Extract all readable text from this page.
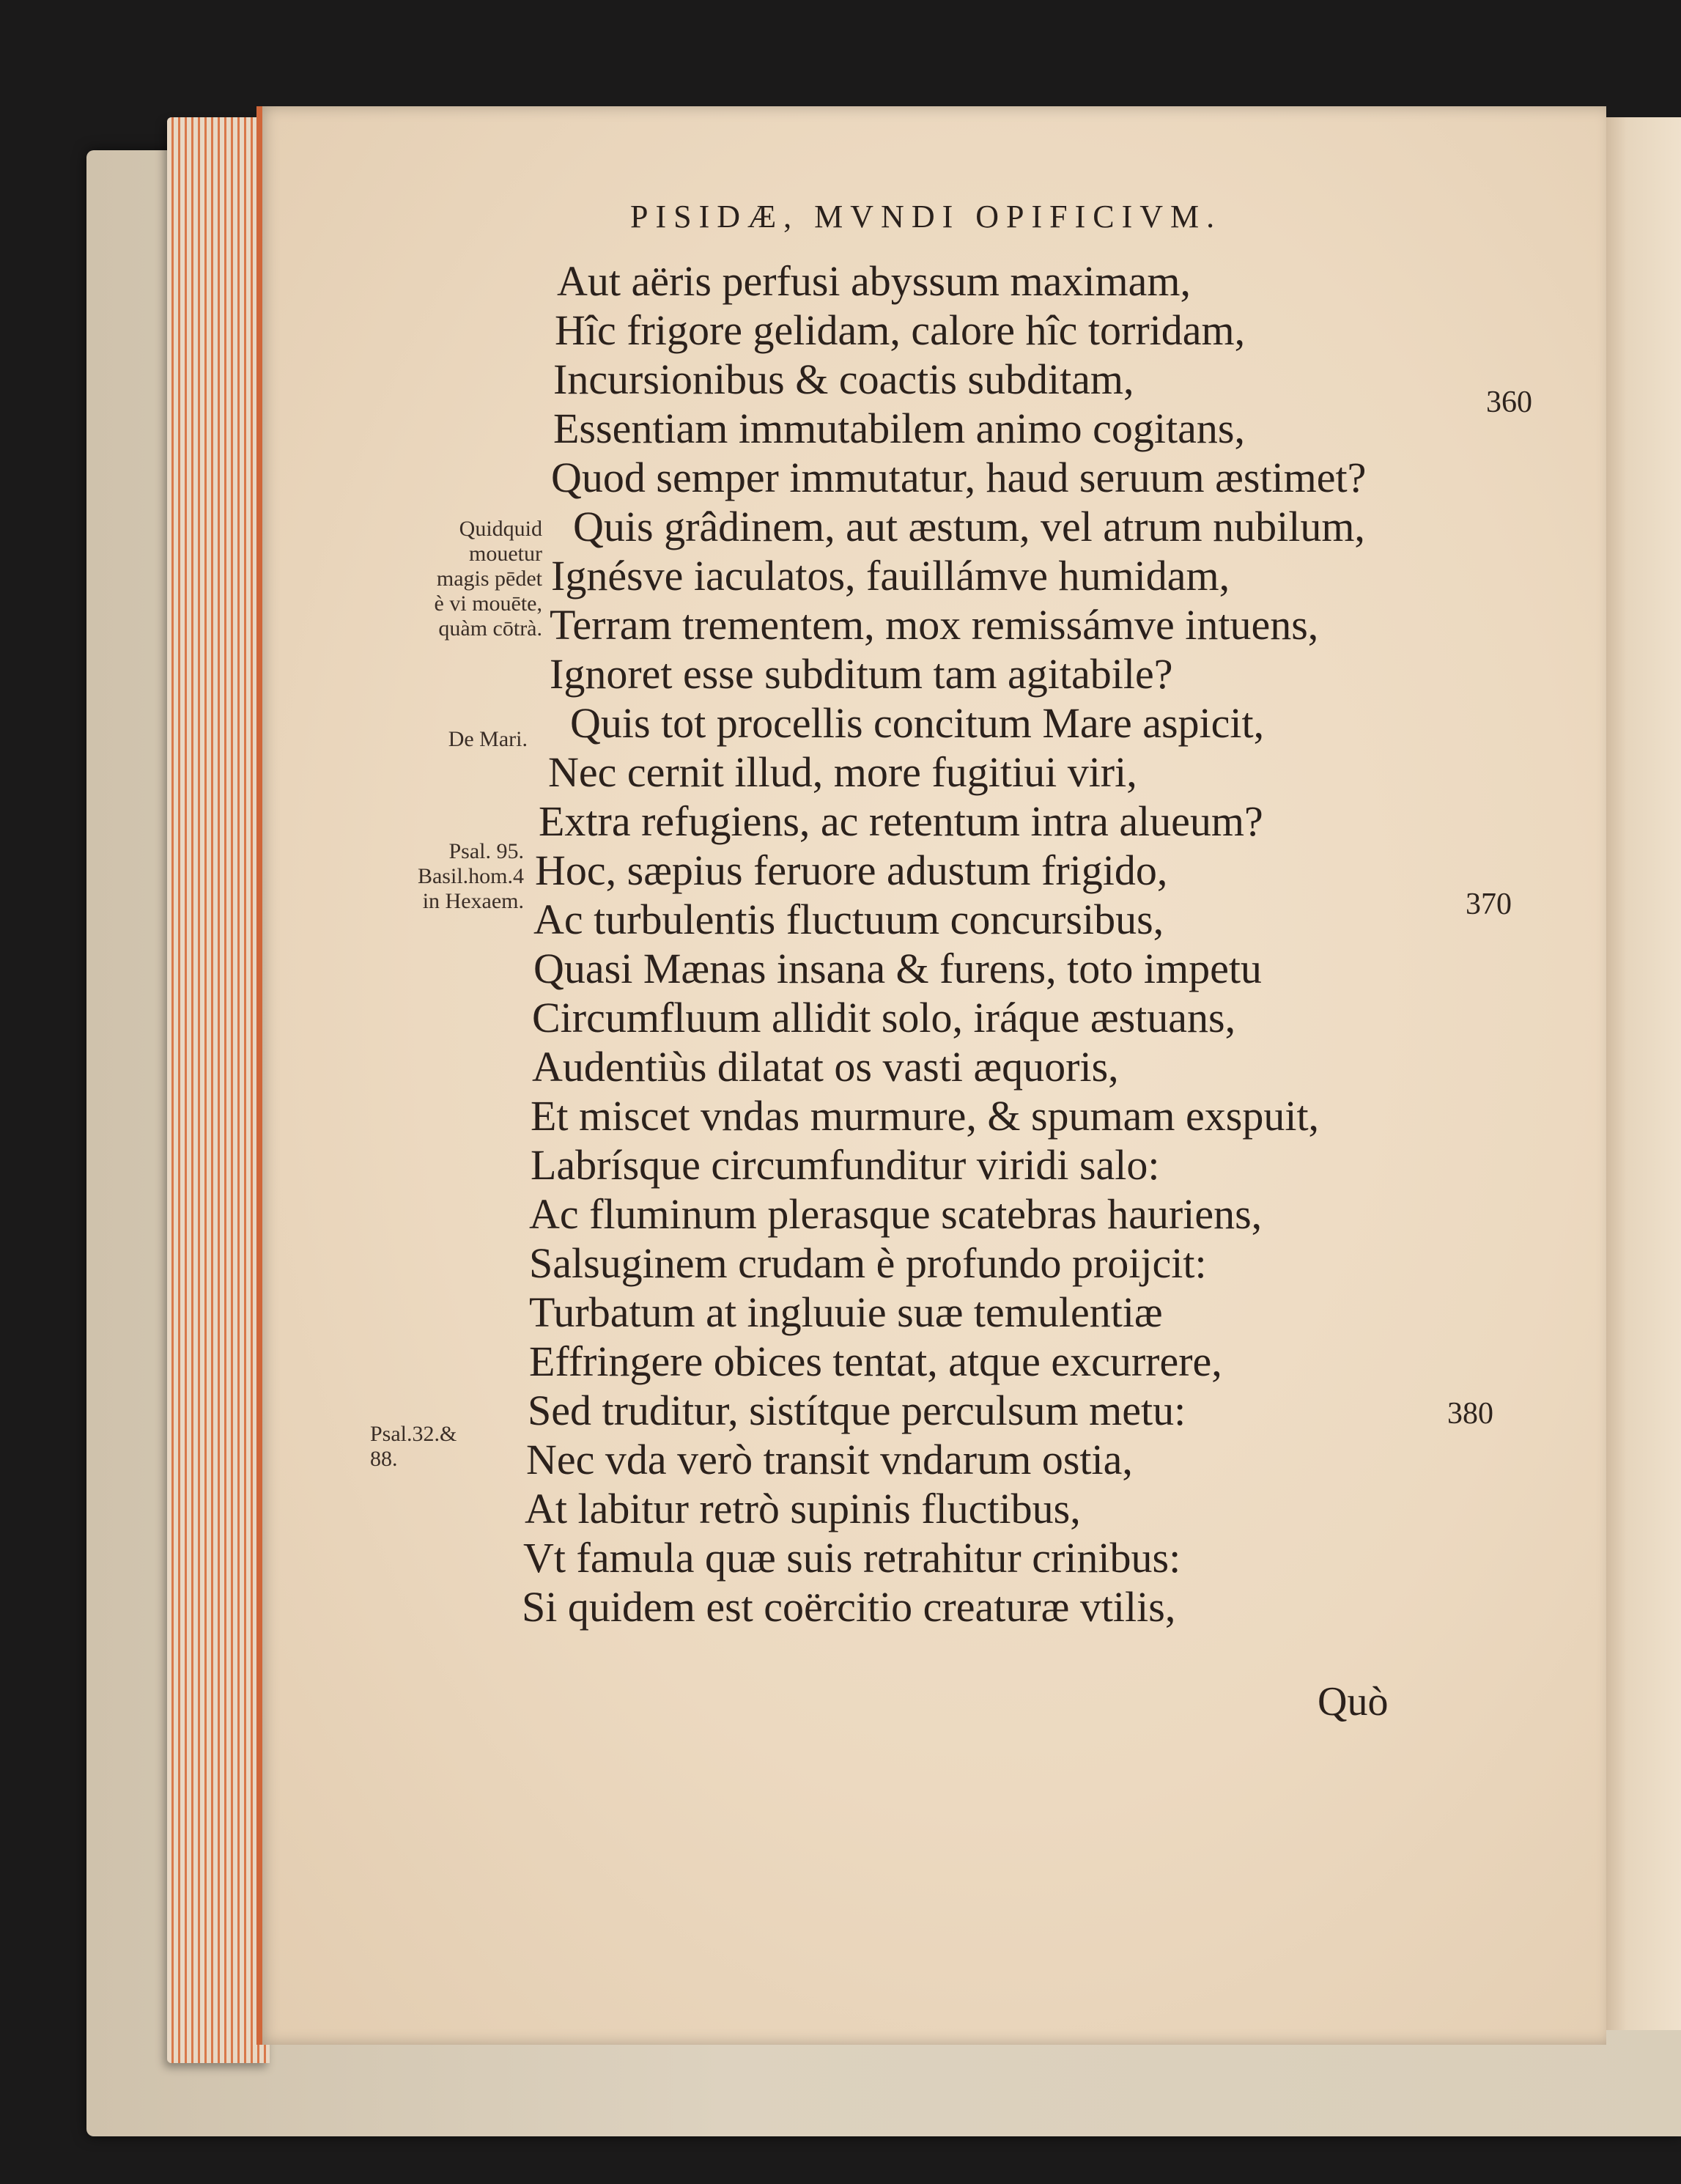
PISIDÆ, MVNDI OPIFICIVM.
Aut aëris perfusi abyssum maximam,
Hîc frigore gelidam, calore hîc torridam,
Incursionibus & coactis subditam,
Essentiam immutabilem animo cogitans,
Quod semper immutatur, haud seruum æstimet?
Quis grâdinem, aut æstum, vel atrum nubilum,
Ignésve iaculatos, fauillámve humidam,
Terram trementem, mox remissámve intuens,
Ignoret esse subditum tam agitabile?
Quis tot procellis concitum Mare aspicit,
Nec cernit illud, more fugitiui viri,
Extra refugiens, ac retentum intra alueum?
Hoc, sæpius feruore adustum frigido,
Ac turbulentis fluctuum concursibus,
Quasi Mænas insana & furens, toto impetu
Circumfluum allidit solo, iráque æstuans,
Audentiùs dilatat os vasti æquoris,
Et miscet vndas murmure, & spumam exspuit,
Labrísque circumfunditur viridi salo:
Ac fluminum plerasque scatebras hauriens,
Salsuginem crudam è profundo proijcit:
Turbatum at ingluuie suæ temulentiæ
Effringere obices tentat, atque excurrere,
Sed truditur, sistítque perculsum metu:
Nec vda verò transit vndarum ostia,
At labitur retrò supinis fluctibus,
Vt famula quæ suis retrahitur crinibus:
Si quidem est coërcitio creaturæ vtilis,
Quidquid
mouetur
magis pēdet
è vi mouēte,
quàm cōtrà.
De Mari.
Psal. 95.
Basil.hom.4
in Hexaem.
Psal.32.&
88.
360
370
380
Quò
